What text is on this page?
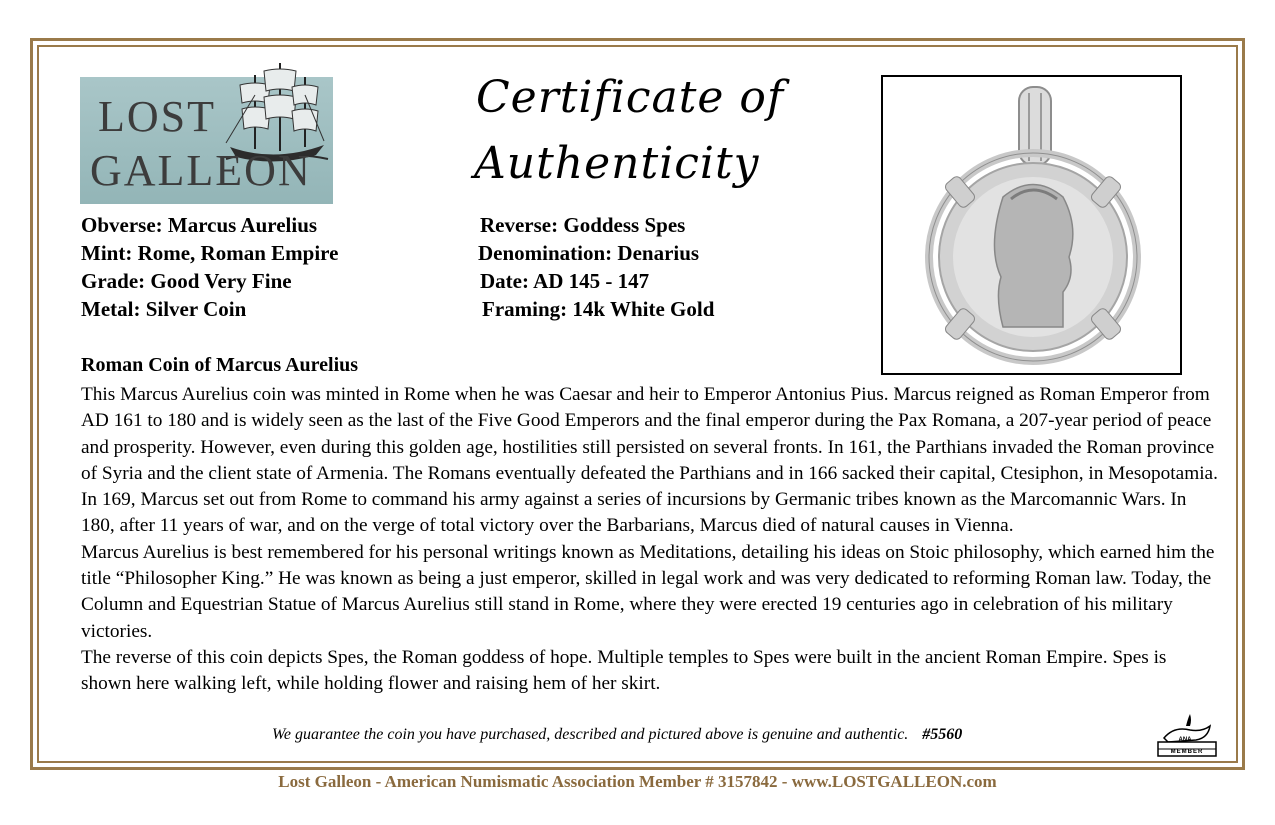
LOST
GALLEON
Certificate of
Authenticity
Obverse: Marcus Aurelius
Mint: Rome, Roman Empire
Grade: Good Very Fine
Metal: Silver Coin
Reverse: Goddess Spes
Denomination: Denarius
Date: AD 145 - 147
Framing: 14k White Gold
Roman Coin of Marcus Aurelius

This Marcus Aurelius coin was minted in Rome when he was Caesar and heir to Emperor Antonius Pius. Marcus reigned as Roman Emperor from AD 161 to 180 and is widely seen as the last of the Five Good Emperors and the final emperor during the Pax Romana, a 207-year period of peace and prosperity. However, even during this golden age, hostilities still persisted on several fronts. In 161, the Parthians invaded the Roman province of Syria and the client state of Armenia. The Romans eventually defeated the Parthians and in 166 sacked their capital, Ctesiphon, in Mesopotamia. In 169, Marcus set out from Rome to command his army against a series of incursions by Germanic tribes known as the Marcomannic Wars. In 180, after 11 years of war, and on the verge of total victory over the Barbarians, Marcus died of natural causes in Vienna.

Marcus Aurelius is best remembered for his personal writings known as Meditations, detailing his ideas on Stoic philosophy, which earned him the title “Philosopher King.” He was known as being a just emperor, skilled in legal work and was very dedicated to reforming Roman law. Today, the Column and Equestrian Statue of Marcus Aurelius still stand in Rome, where they were erected 19 centuries ago in celebration of his military victories.

The reverse of this coin depicts Spes, the Roman goddess of hope. Multiple temples to Spes were built in the ancient Roman Empire. Spes is shown here walking left, while holding flower and raising hem of her skirt.

We guarantee the coin you have purchased, described and pictured above is genuine and authentic. #5560	ANA
MEMBER
Lost Galleon - American Numismatic Association Member # 3157842 - www.LOSTGALLEON.com
